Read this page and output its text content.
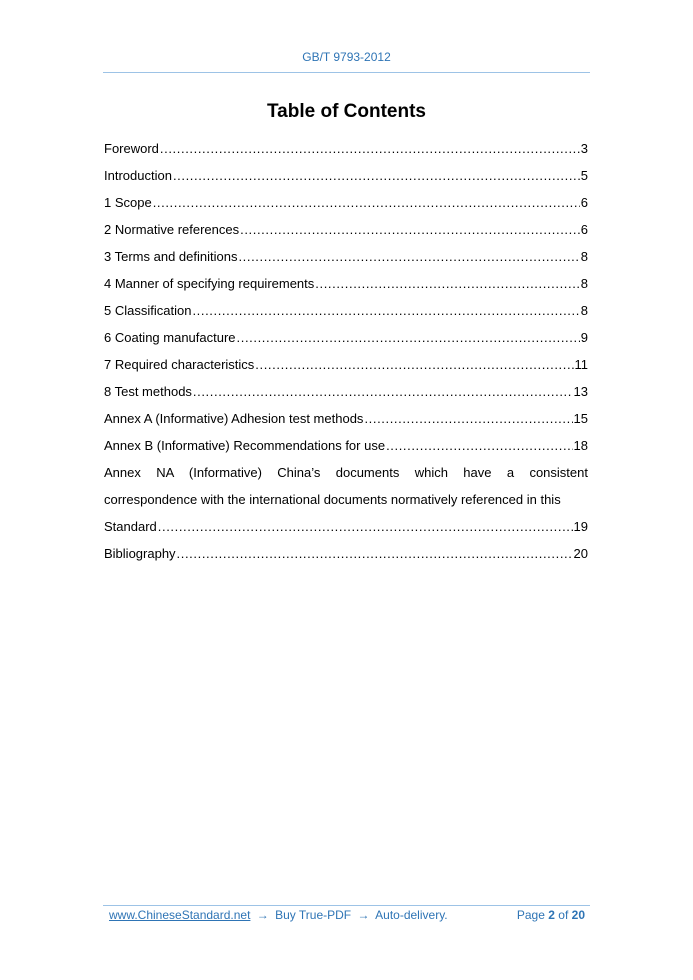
GB/T 9793-2012
Table of Contents
Foreword .....	3
Introduction .....	5
1 Scope .....	6
2 Normative references .....	6
3 Terms and definitions .....	8
4 Manner of specifying requirements .....	8
5 Classification .....	8
6 Coating manufacture .....	9
7 Required characteristics .....	11
8 Test methods .....	13
Annex A (Informative) Adhesion test methods .....	15
Annex B (Informative) Recommendations for use .....	18
Annex NA (Informative) China’s documents which have a consistent
correspondence with the international documents normatively referenced in this
Standard .....	19
Bibliography .....	20
www.ChineseStandard.net → Buy True-PDF → Auto-delivery.	Page 2 of 20
